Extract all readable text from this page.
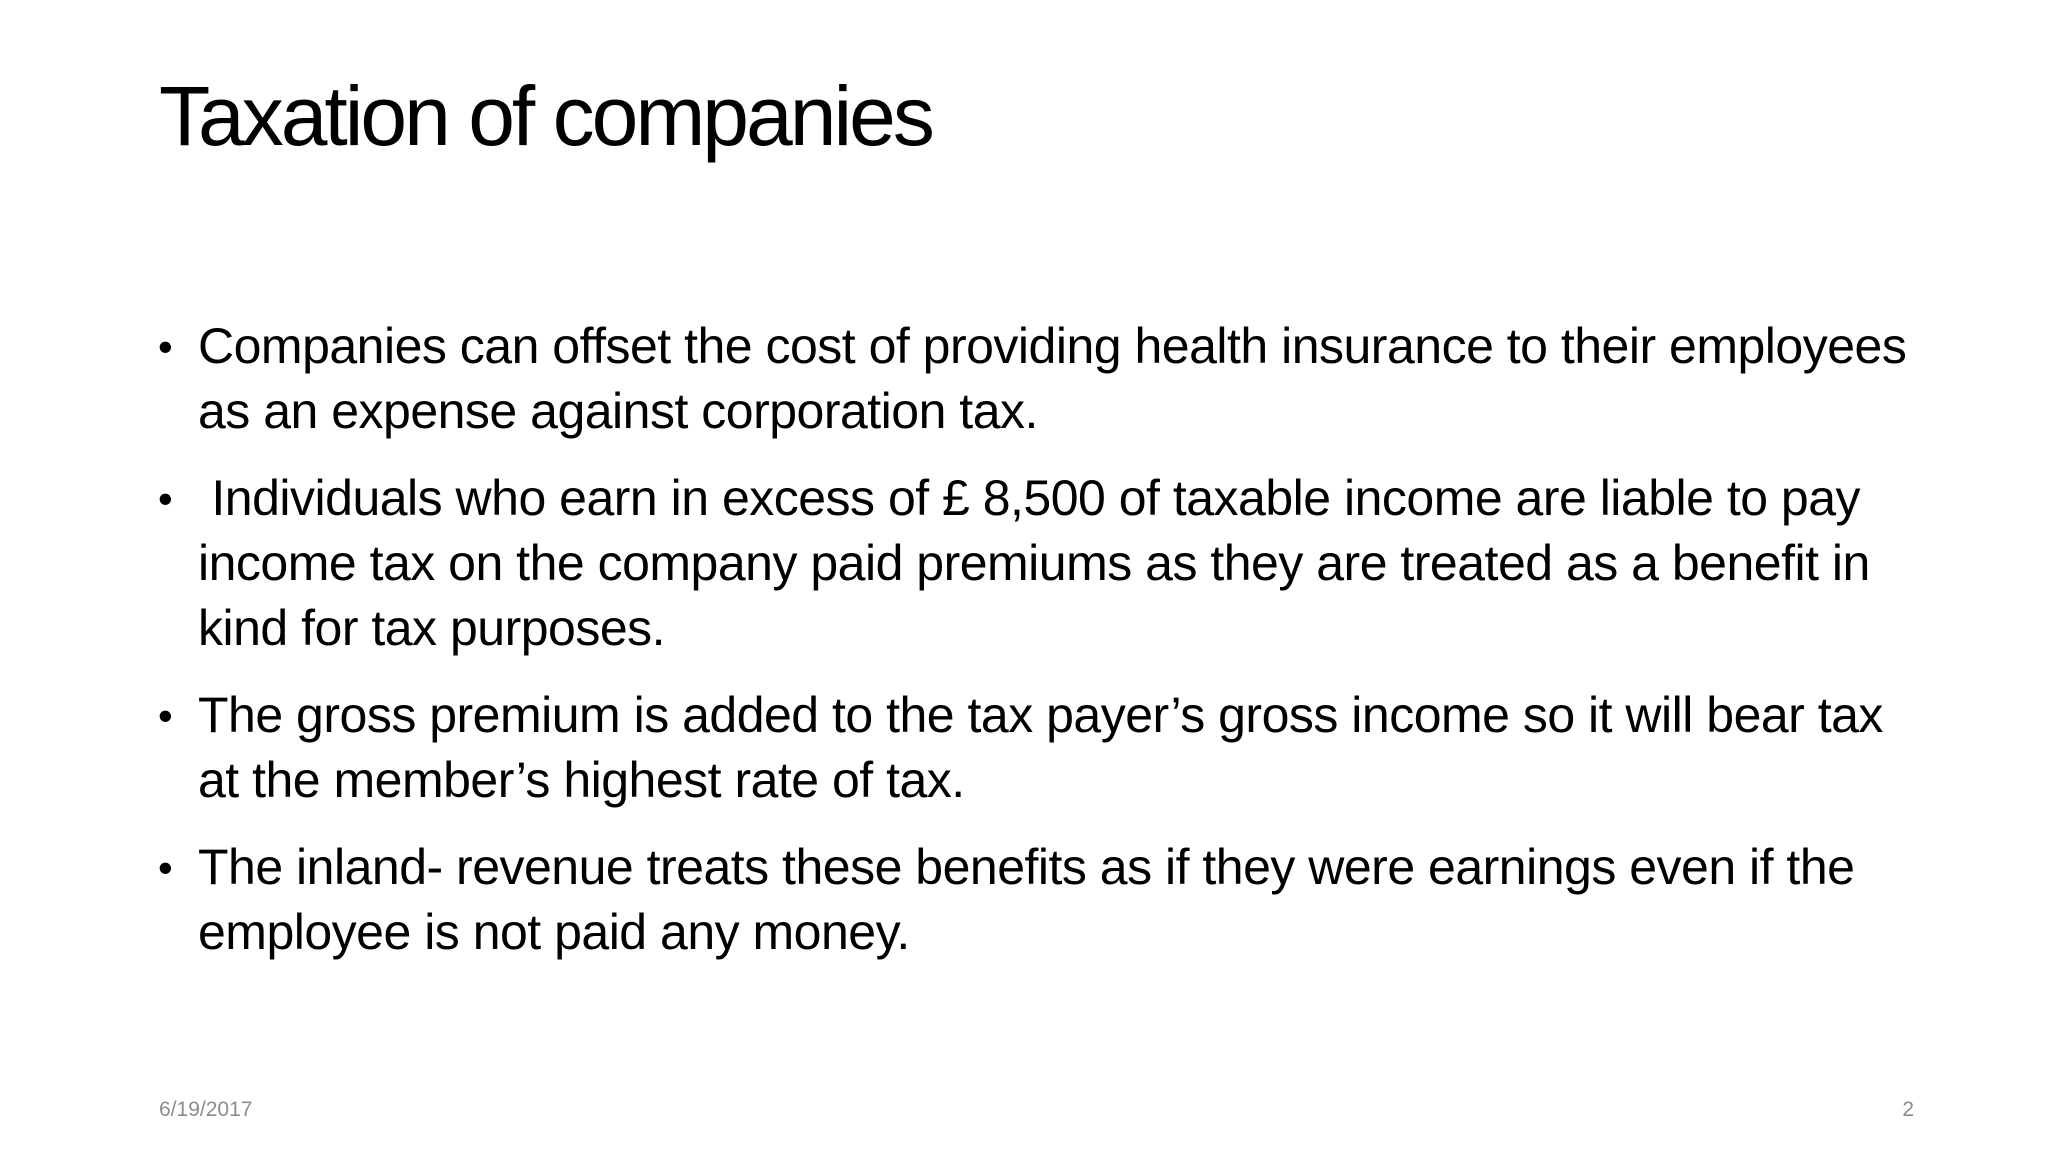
Taxation of companies
• Companies can offset the cost of providing health insurance to their employees as an expense against corporation tax.
• Individuals who earn in excess of £ 8,500 of taxable income are liable to pay income tax on the company paid premiums as they are treated as a benefit in kind for tax purposes.
• The gross premium is added to the tax payer’s gross income so it will bear tax at the member’s highest rate of tax.
• The inland- revenue treats these benefits as if they were earnings even if the employee is not paid any money.
6/19/2017	2
